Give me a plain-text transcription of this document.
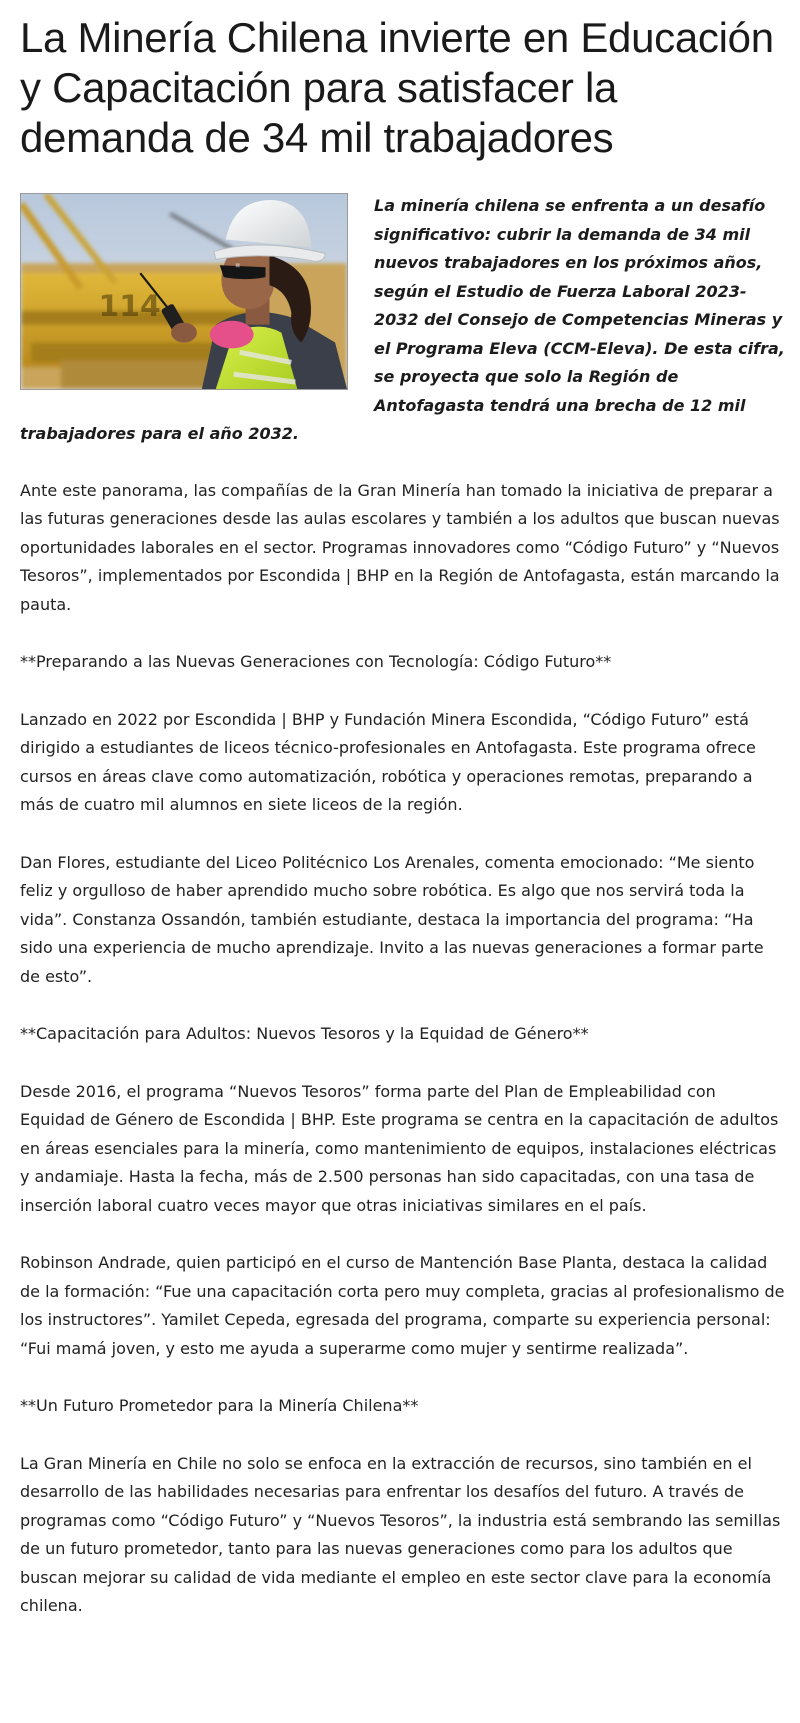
La Minería Chilena invierte en Educación y Capacitación para satisfacer la demanda de 34 mil trabajadores
114

La minería chilena se enfrenta a un desafío significativo: cubrir la demanda de 34 mil nuevos trabajadores en los próximos años, según el Estudio de Fuerza Laboral 2023-2032 del Consejo de Competencias Mineras y el Programa Eleva (CCM-Eleva). De esta cifra, se proyecta que solo la Región de Antofagasta tendrá una brecha de 12 mil trabajadores para el año 2032.

Ante este panorama, las compañías de la Gran Minería han tomado la iniciativa de preparar a las futuras generaciones desde las aulas escolares y también a los adultos que buscan nuevas oportunidades laborales en el sector. Programas innovadores como “Código Futuro” y “Nuevos Tesoros”, implementados por Escondida | BHP en la Región de Antofagasta, están marcando la pauta.

**Preparando a las Nuevas Generaciones con Tecnología: Código Futuro**

Lanzado en 2022 por Escondida | BHP y Fundación Minera Escondida, “Código Futuro” está dirigido a estudiantes de liceos técnico-profesionales en Antofagasta. Este programa ofrece cursos en áreas clave como automatización, robótica y operaciones remotas, preparando a más de cuatro mil alumnos en siete liceos de la región.

Dan Flores, estudiante del Liceo Politécnico Los Arenales, comenta emocionado: “Me siento feliz y orgulloso de haber aprendido mucho sobre robótica. Es algo que nos servirá toda la vida”. Constanza Ossandón, también estudiante, destaca la importancia del programa: “Ha sido una experiencia de mucho aprendizaje. Invito a las nuevas generaciones a formar parte de esto”.

**Capacitación para Adultos: Nuevos Tesoros y la Equidad de Género**

Desde 2016, el programa “Nuevos Tesoros” forma parte del Plan de Empleabilidad con Equidad de Género de Escondida | BHP. Este programa se centra en la capacitación de adultos en áreas esenciales para la minería, como mantenimiento de equipos, instalaciones eléctricas y andamiaje. Hasta la fecha, más de 2.500 personas han sido capacitadas, con una tasa de inserción laboral cuatro veces mayor que otras iniciativas similares en el país.

Robinson Andrade, quien participó en el curso de Mantención Base Planta, destaca la calidad de la formación: “Fue una capacitación corta pero muy completa, gracias al profesionalismo de los instructores”. Yamilet Cepeda, egresada del programa, comparte su experiencia personal: “Fui mamá joven, y esto me ayuda a superarme como mujer y sentirme realizada”.

**Un Futuro Prometedor para la Minería Chilena**

La Gran Minería en Chile no solo se enfoca en la extracción de recursos, sino también en el desarrollo de las habilidades necesarias para enfrentar los desafíos del futuro. A través de programas como “Código Futuro” y “Nuevos Tesoros”, la industria está sembrando las semillas de un futuro prometedor, tanto para las nuevas generaciones como para los adultos que buscan mejorar su calidad de vida mediante el empleo en este sector clave para la economía chilena.
